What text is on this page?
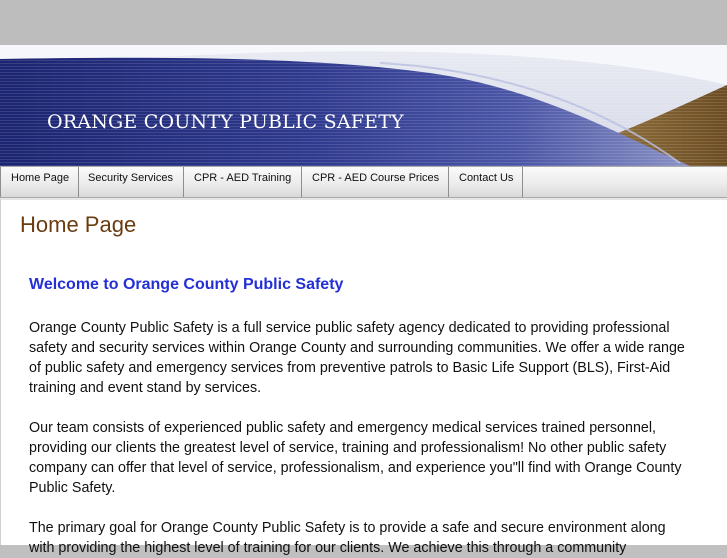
ORANGE COUNTY PUBLIC SAFETY
Home Page	Security Services	CPR - AED Training	CPR - AED Course Prices	Contact Us
Home Page
Welcome to Orange County Public Safety

Orange County Public Safety is a full service public safety agency dedicated to providing professional safety and security services within Orange County and surrounding communities. We offer a wide range of public safety and emergency services from preventive patrols to Basic Life Support (BLS), First-Aid training and event stand by services.

Our team consists of experienced public safety and emergency medical services trained personnel, providing our clients the greatest level of service, training and professionalism! No other public safety company can offer that level of service, professionalism, and experience you"ll find with Orange County Public Safety.

The primary goal for Orange County Public Safety is to provide a safe and secure environment along with providing the highest level of training for our clients. We achieve this through a community
